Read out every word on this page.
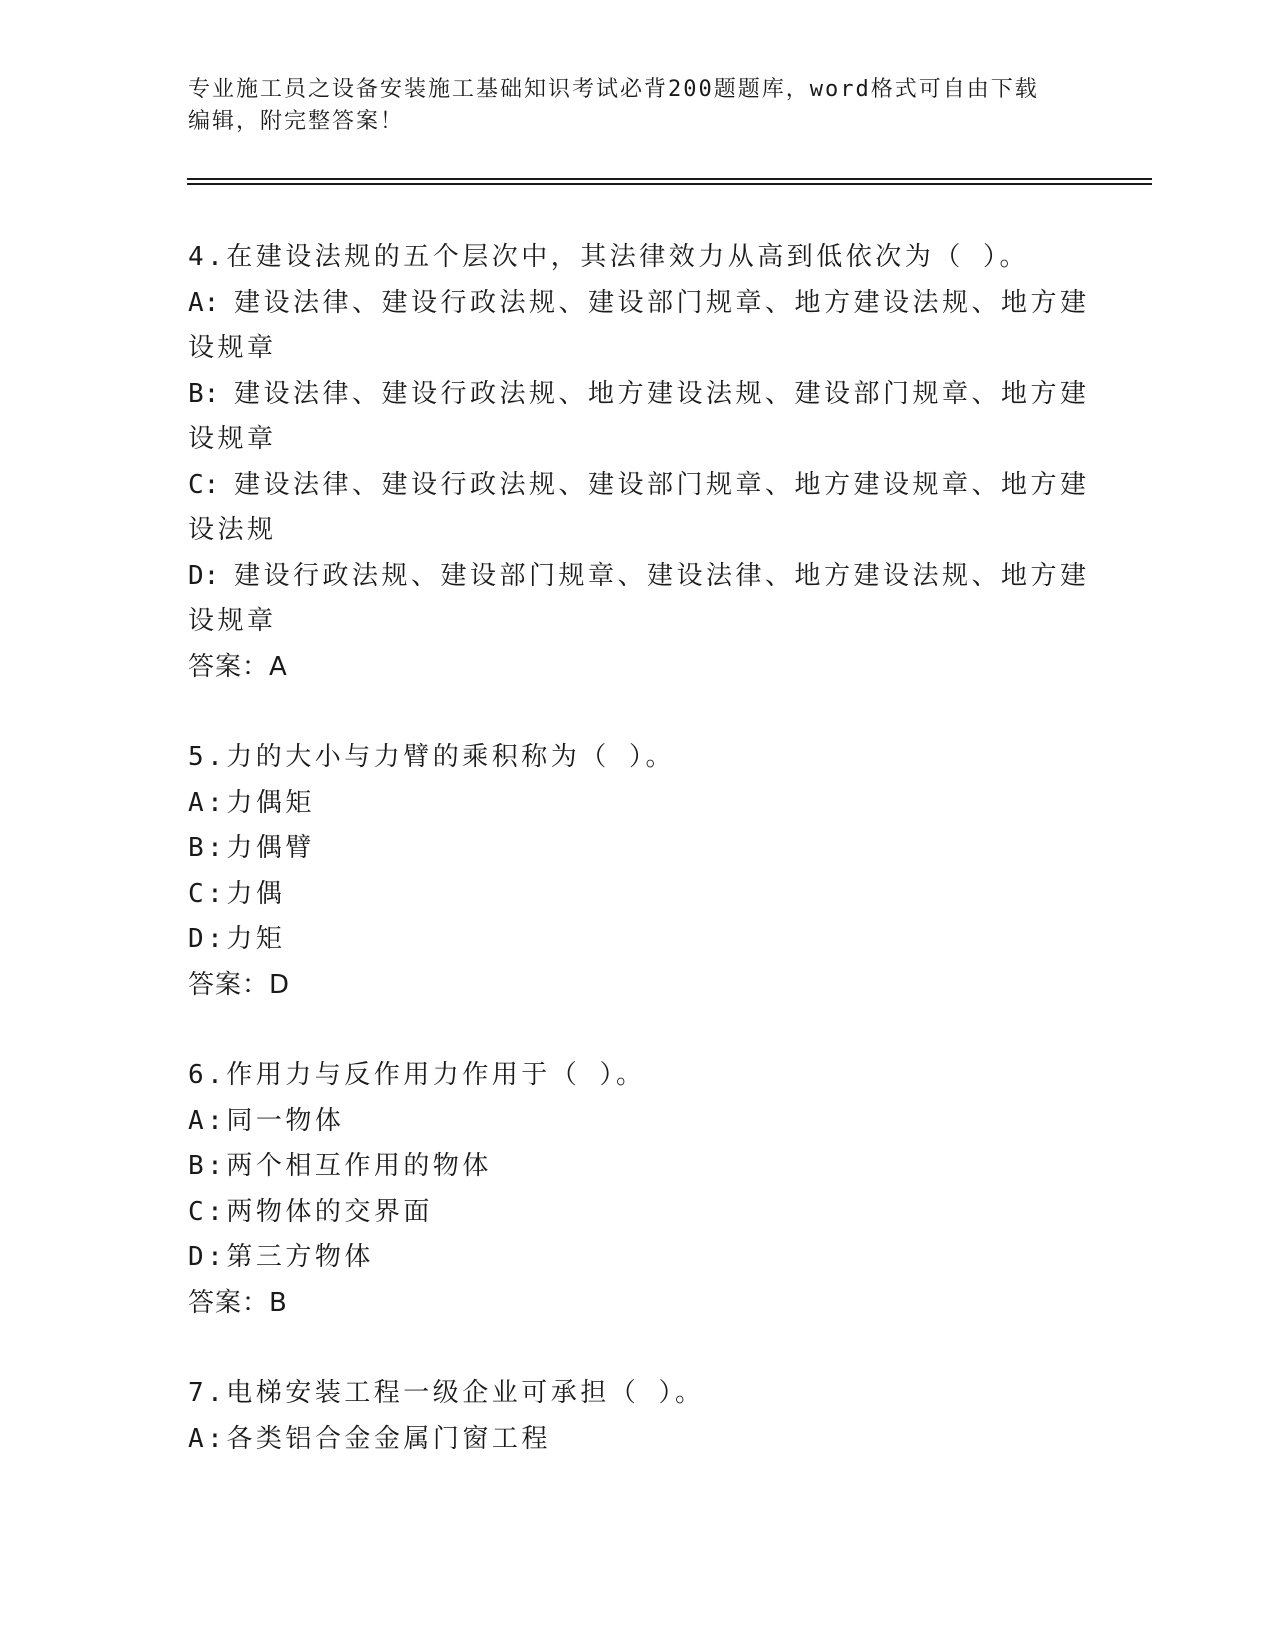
专业施工员之设备安装施工基础知识考试必背200题题库，word格式可自由下载
编辑，附完整答案！
4.在建设法规的五个层次中，其法律效力从高到低依次为（ ）。
A: 建设法律、建设行政法规、建设部门规章、地方建设法规、地方建
设规章
B: 建设法律、建设行政法规、地方建设法规、建设部门规章、地方建
设规章
C: 建设法律、建设行政法规、建设部门规章、地方建设规章、地方建
设法规
D: 建设行政法规、建设部门规章、建设法律、地方建设法规、地方建
设规章
答案：A
5.力的大小与力臂的乘积称为（ ）。
A:力偶矩
B:力偶臂
C:力偶
D:力矩
答案：D
6.作用力与反作用力作用于（ ）。
A:同一物体
B:两个相互作用的物体
C:两物体的交界面
D:第三方物体
答案：B
7.电梯安装工程一级企业可承担（ ）。
A:各类铝合金金属门窗工程
